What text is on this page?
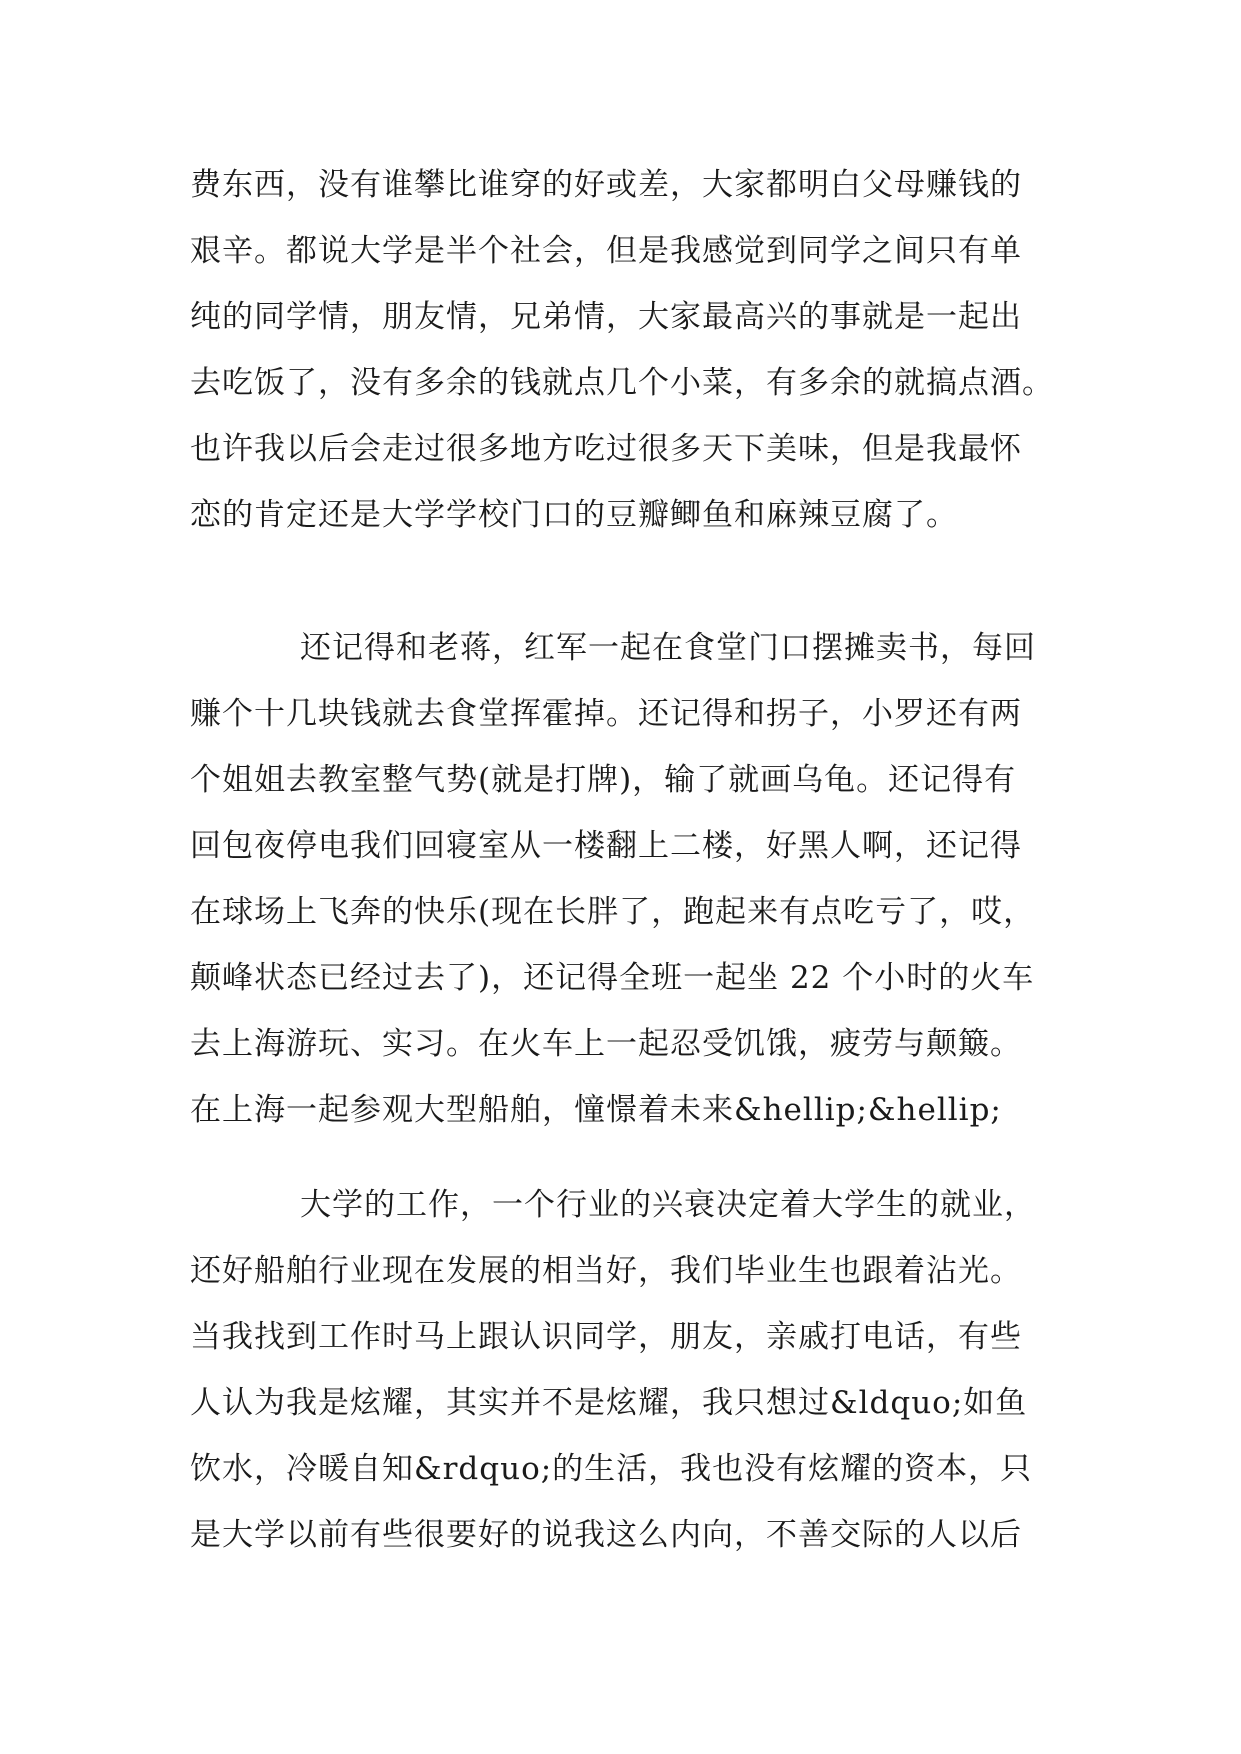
费东西，没有谁攀比谁穿的好或差，大家都明白父母赚钱的
艰辛。都说大学是半个社会，但是我感觉到同学之间只有单
纯的同学情，朋友情，兄弟情，大家最高兴的事就是一起出
去吃饭了，没有多余的钱就点几个小菜，有多余的就搞点酒。
也许我以后会走过很多地方吃过很多天下美味，但是我最怀
恋的肯定还是大学学校门口的豆瓣鲫鱼和麻辣豆腐了。
还记得和老蒋，红军一起在食堂门口摆摊卖书，每回
赚个十几块钱就去食堂挥霍掉。还记得和拐子，小罗还有两
个姐姐去教室整气势(就是打牌)，输了就画乌龟。还记得有
回包夜停电我们回寝室从一楼翻上二楼，好黑人啊，还记得
在球场上飞奔的快乐(现在长胖了，跑起来有点吃亏了，哎，
颠峰状态已经过去了)，还记得全班一起坐 22 个小时的火车
去上海游玩、实习。在火车上一起忍受饥饿，疲劳与颠簸。
在上海一起参观大型船舶，憧憬着未来&hellip;&hellip;
大学的工作，一个行业的兴衰决定着大学生的就业，
还好船舶行业现在发展的相当好，我们毕业生也跟着沾光。
当我找到工作时马上跟认识同学，朋友，亲戚打电话，有些
人认为我是炫耀，其实并不是炫耀，我只想过&ldquo;如鱼
饮水，冷暖自知&rdquo;的生活，我也没有炫耀的资本，只
是大学以前有些很要好的说我这么内向，不善交际的人以后
